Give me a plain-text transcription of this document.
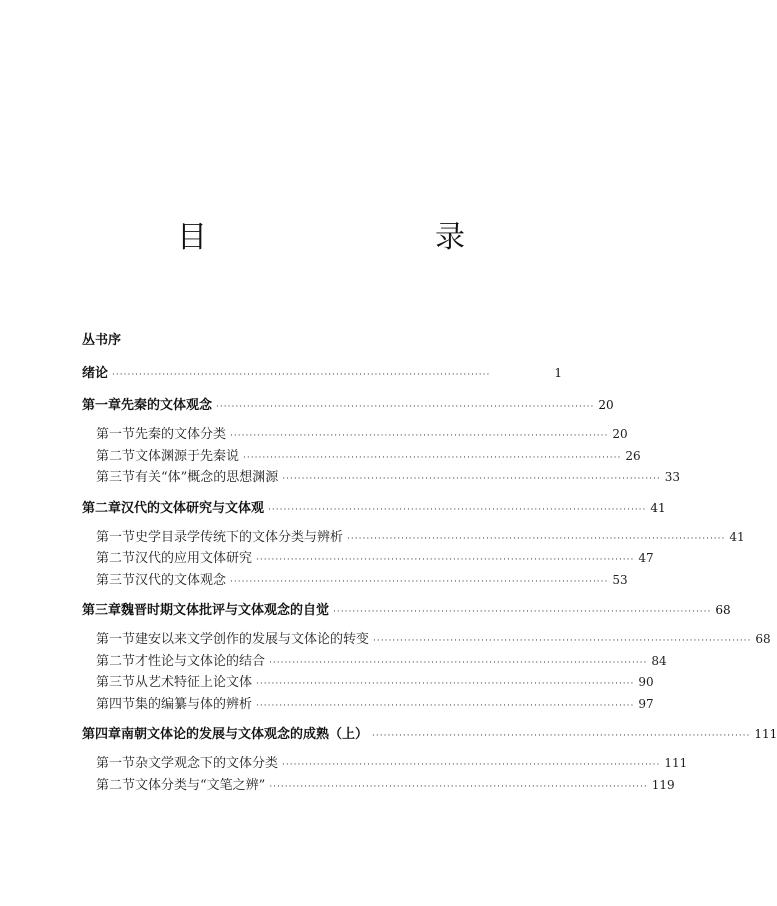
目　　录
丛书序
绪论 ··································································································	1
第一章 先秦的文体观念 ·································································································· 20
第一节 先秦的文体分类 ·································································································· 20
第二节 文体渊源于先秦说 ·································································································· 26
第三节 有关“体”概念的思想渊源 ·································································································· 33
第二章 汉代的文体研究与文体观 ·································································································· 41
第一节 史学目录学传统下的文体分类与辨析 ·································································································· 41
第二节 汉代的应用文体研究 ·································································································· 47
第三节 汉代的文体观念 ·································································································· 53
第三章 魏晋时期文体批评与文体观念的自觉 ·································································································· 68
第一节 建安以来文学创作的发展与文体论的转变 ·································································································· 68
第二节 才性论与文体论的结合 ·································································································· 84
第三节 从艺术特征上论文体 ·································································································· 90
第四节 集的编纂与体的辨析 ·································································································· 97
第四章 南朝文体论的发展与文体观念的成熟（上） ·································································································· 111
第一节 杂文学观念下的文体分类 ·································································································· 111
第二节 文体分类与“文笔之辨” ·································································································· 119
